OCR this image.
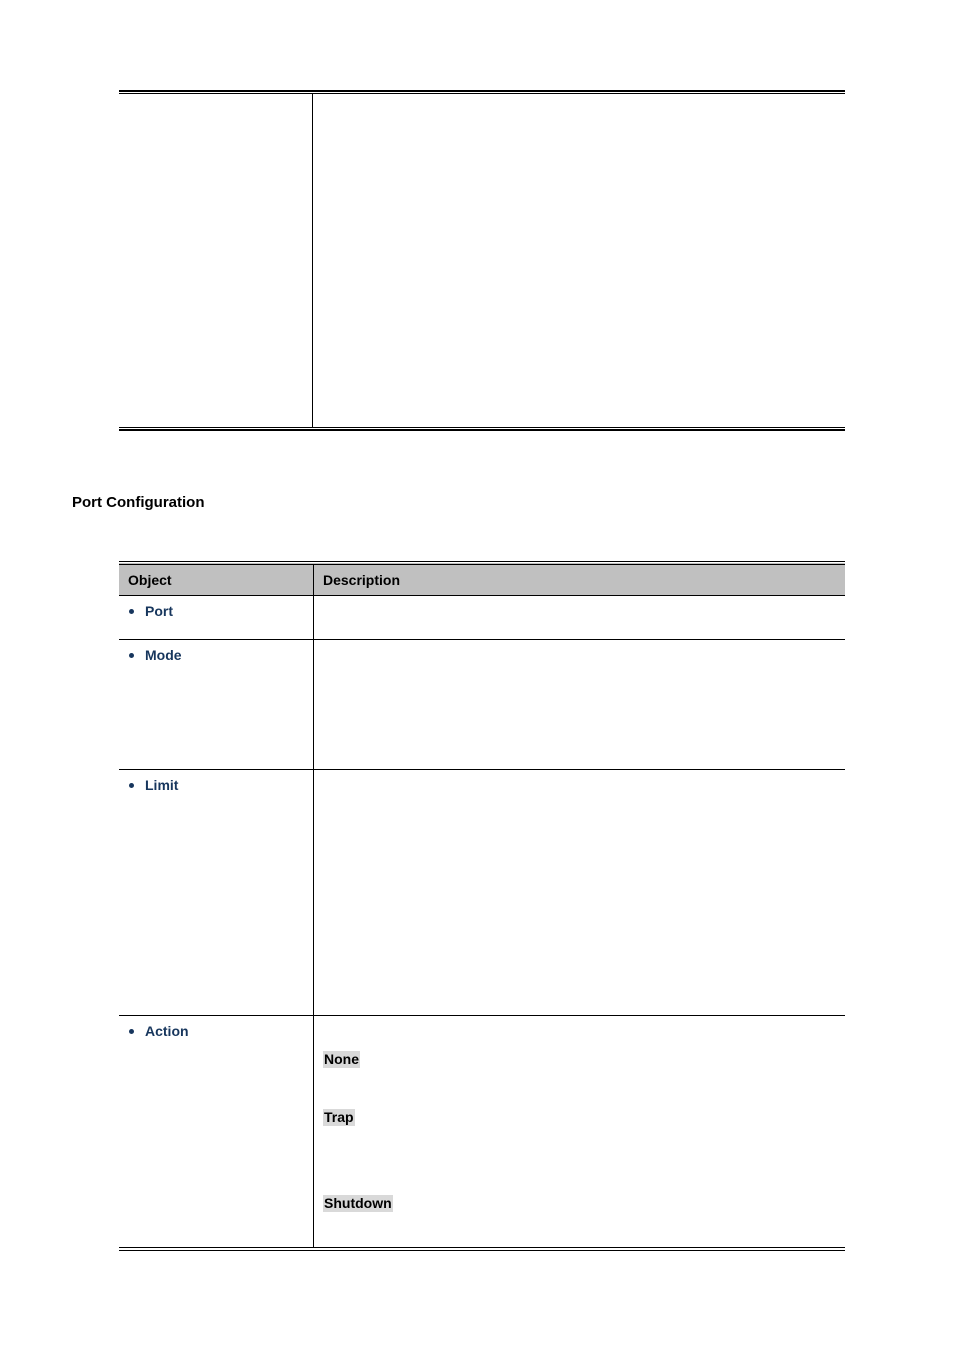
Port Configuration
Object	Description

Port	

Mode	

Limit	

Action	None
Trap
Shutdown
